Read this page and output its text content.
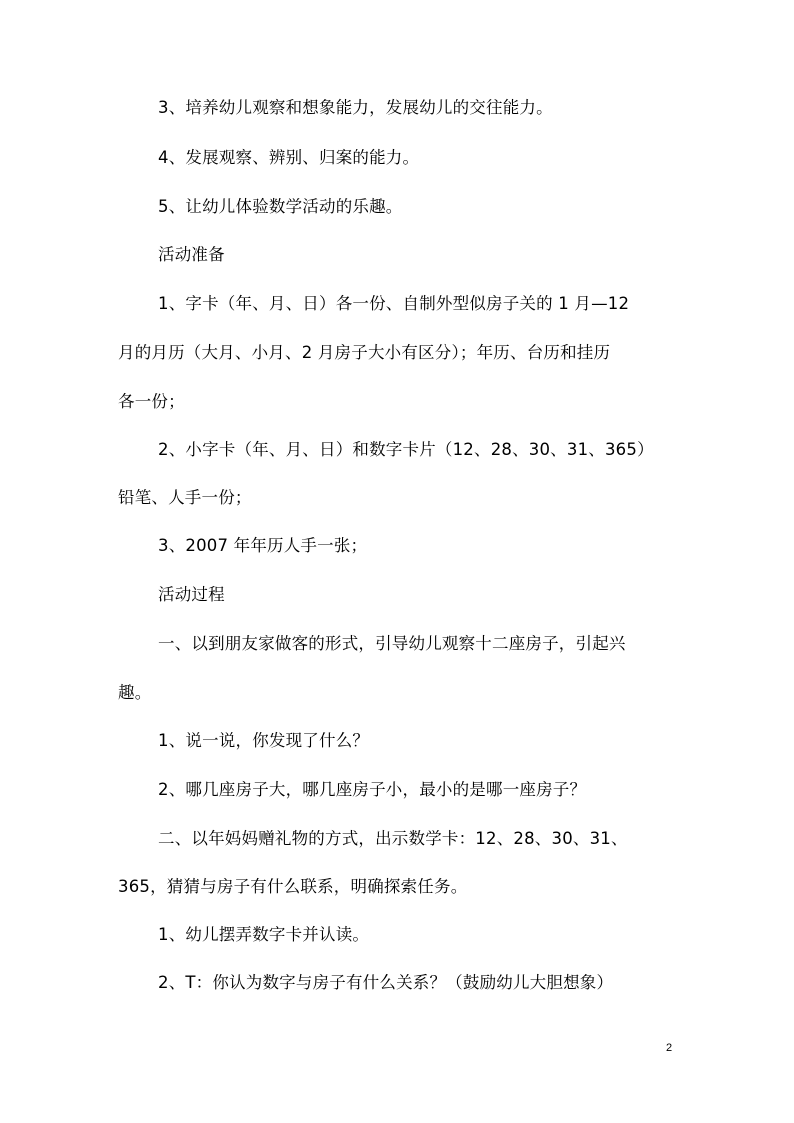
3、培养幼儿观察和想象能力，发展幼儿的交往能力。
4、发展观察、辨别、归案的能力。
5、让幼儿体验数学活动的乐趣。
活动准备
1、字卡（年、月、日）各一份、自制外型似房子关的 1 月—12
月的月历（大月、小月、2 月房子大小有区分）；年历、台历和挂历
各一份；
2、小字卡（年、月、日）和数字卡片（12、28、30、31、365）
铅笔、人手一份；
3、2007 年年历人手一张；
活动过程
一、以到朋友家做客的形式，引导幼儿观察十二座房子，引起兴
趣。
1、说一说，你发现了什么？
2、哪几座房子大，哪几座房子小，最小的是哪一座房子？
二、以年妈妈赠礼物的方式，出示数学卡：12、28、30、31、
365，猜猜与房子有什么联系，明确探索任务。
1、幼儿摆弄数字卡并认读。
2、T：你认为数字与房子有什么关系？（鼓励幼儿大胆想象）
2
